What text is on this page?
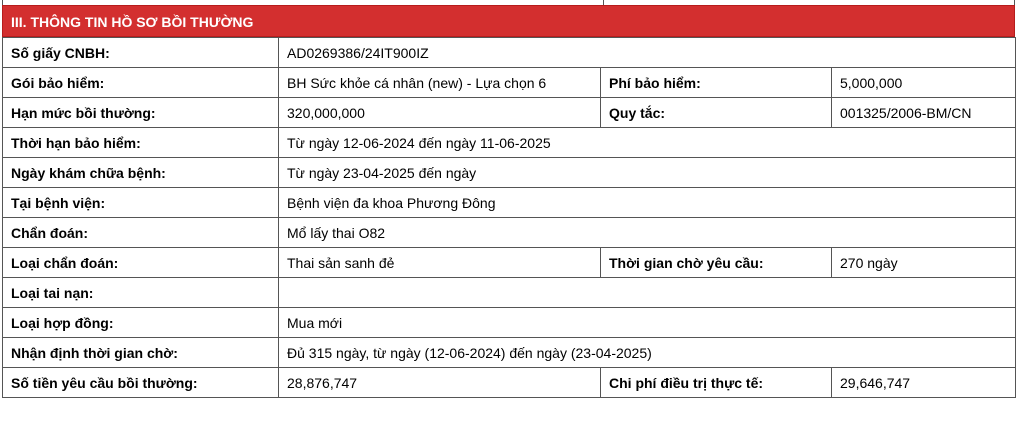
III. THÔNG TIN HỒ SƠ BỒI THƯỜNG
Số giấy CNBH:	AD0269386/24IT900IZ		
Gói bảo hiểm:	BH Sức khỏe cá nhân (new) - Lựa chọn 6	Phí bảo hiểm:	5,000,000
Hạn mức bồi thường:	320,000,000	Quy tắc:	001325/2006-BM/CN
Thời hạn bảo hiểm:	Từ ngày 12-06-2024 đến ngày 11-06-2025		
Ngày khám chữa bệnh:	Từ ngày 23-04-2025 đến ngày		
Tại bệnh viện:	Bệnh viện đa khoa Phương Đông		
Chẩn đoán:	Mổ lấy thai O82		
Loại chẩn đoán:	Thai sản sanh đẻ	Thời gian chờ yêu cầu:	270 ngày
Loại tai nạn:			
Loại hợp đồng:	Mua mới		
Nhận định thời gian chờ:	Đủ 315 ngày, từ ngày (12-06-2024) đến ngày (23-04-2025)		
Số tiền yêu cầu bồi thường:	28,876,747	Chi phí điều trị thực tế:	29,646,747
